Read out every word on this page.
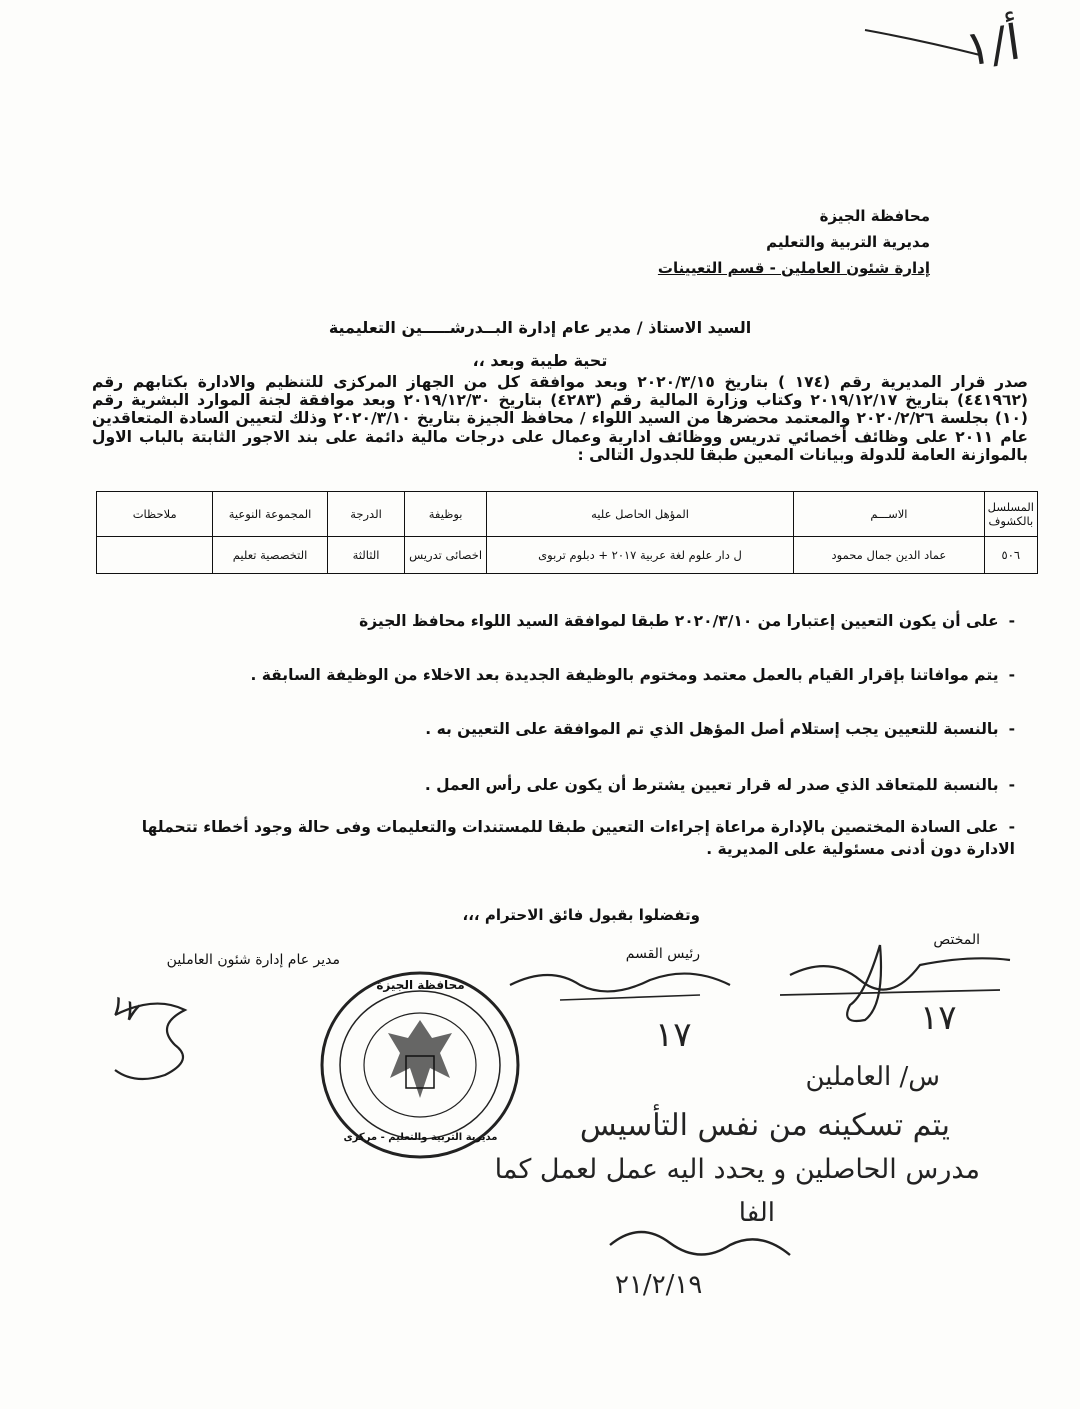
أ/١
محافظة الجيزة
مديرية التربية والتعليم
إدارة شئون العاملين - قسم التعيينات
السيد الاستاذ / مدير عام إدارة البــدرشـــــين التعليمية
تحية طيبة وبعد ،،
صدر قرار المديرية رقم (١٧٤ ) بتاريخ ٢٠٢٠/٣/١٥ وبعد موافقة كل من الجهاز المركزى للتنظيم والادارة بكتابهم رقم (٤٤١٩٦٢) بتاريخ ٢٠١٩/١٢/١٧ وكتاب وزارة المالية رقم (٤٢٨٣) بتاريخ ٢٠١٩/١٢/٣٠ وبعد موافقة لجنة الموارد البشرية رقم (١٠) بجلسة ٢٠٢٠/٢/٢٦ والمعتمد محضرها من السيد اللواء / محافظ الجيزة بتاريخ ٢٠٢٠/٣/١٠ وذلك لتعيين السادة المتعاقدين عام ٢٠١١ على وظائف أخصائي تدريس ووظائف ادارية وعمال على درجات مالية دائمة على بند الاجور الثابتة بالباب الاول بالموازنة العامة للدولة وبيانات المعين طبقا للجدول التالى :
المسلسل بالكشوف	الاســـم	المؤهل الحاصل عليه	بوظيفة	الدرجة	المجموعة النوعية	ملاحظات
٥٠٦	عماد الدين جمال محمود	ل دار علوم لغة عربية ٢٠١٧ + دبلوم تربوى	اخصائى تدريس	الثالثة	التخصصية تعليم	
-على أن يكون التعيين إعتبارا من ٢٠٢٠/٣/١٠ طبقا لموافقة السيد اللواء محافظ الجيزة
-يتم موافاتنا بإقرار القيام بالعمل معتمد ومختوم بالوظيفة الجديدة بعد الاخلاء من الوظيفة السابقة .
-بالنسبة للتعيين يجب إستلام أصل المؤهل الذي تم الموافقة على التعيين به .
-بالنسبة للمتعاقد الذي صدر له قرار تعيين يشترط أن يكون على رأس العمل .
-على السادة المختصين بالإدارة مراعاة إجراءات التعيين طبقا للمستندات والتعليمات وفى حالة وجود أخطاء تتحملها الادارة دون أدنى مسئولية على المديرية .
وتفضلوا بقبول فائق الاحترام ،،،
المختص
رئيس القسم
مدير عام إدارة شئون العاملين
١٧	١٧
١٧
محافظة الجيزة
مديرية التربية والتعليم - مركزى
س/ العاملين
يتم تسكينه من نفس التأسيس
مدرس الحاصلين و يحدد اليه عمل لعمل كما
الفا
٢١/٢/١٩
